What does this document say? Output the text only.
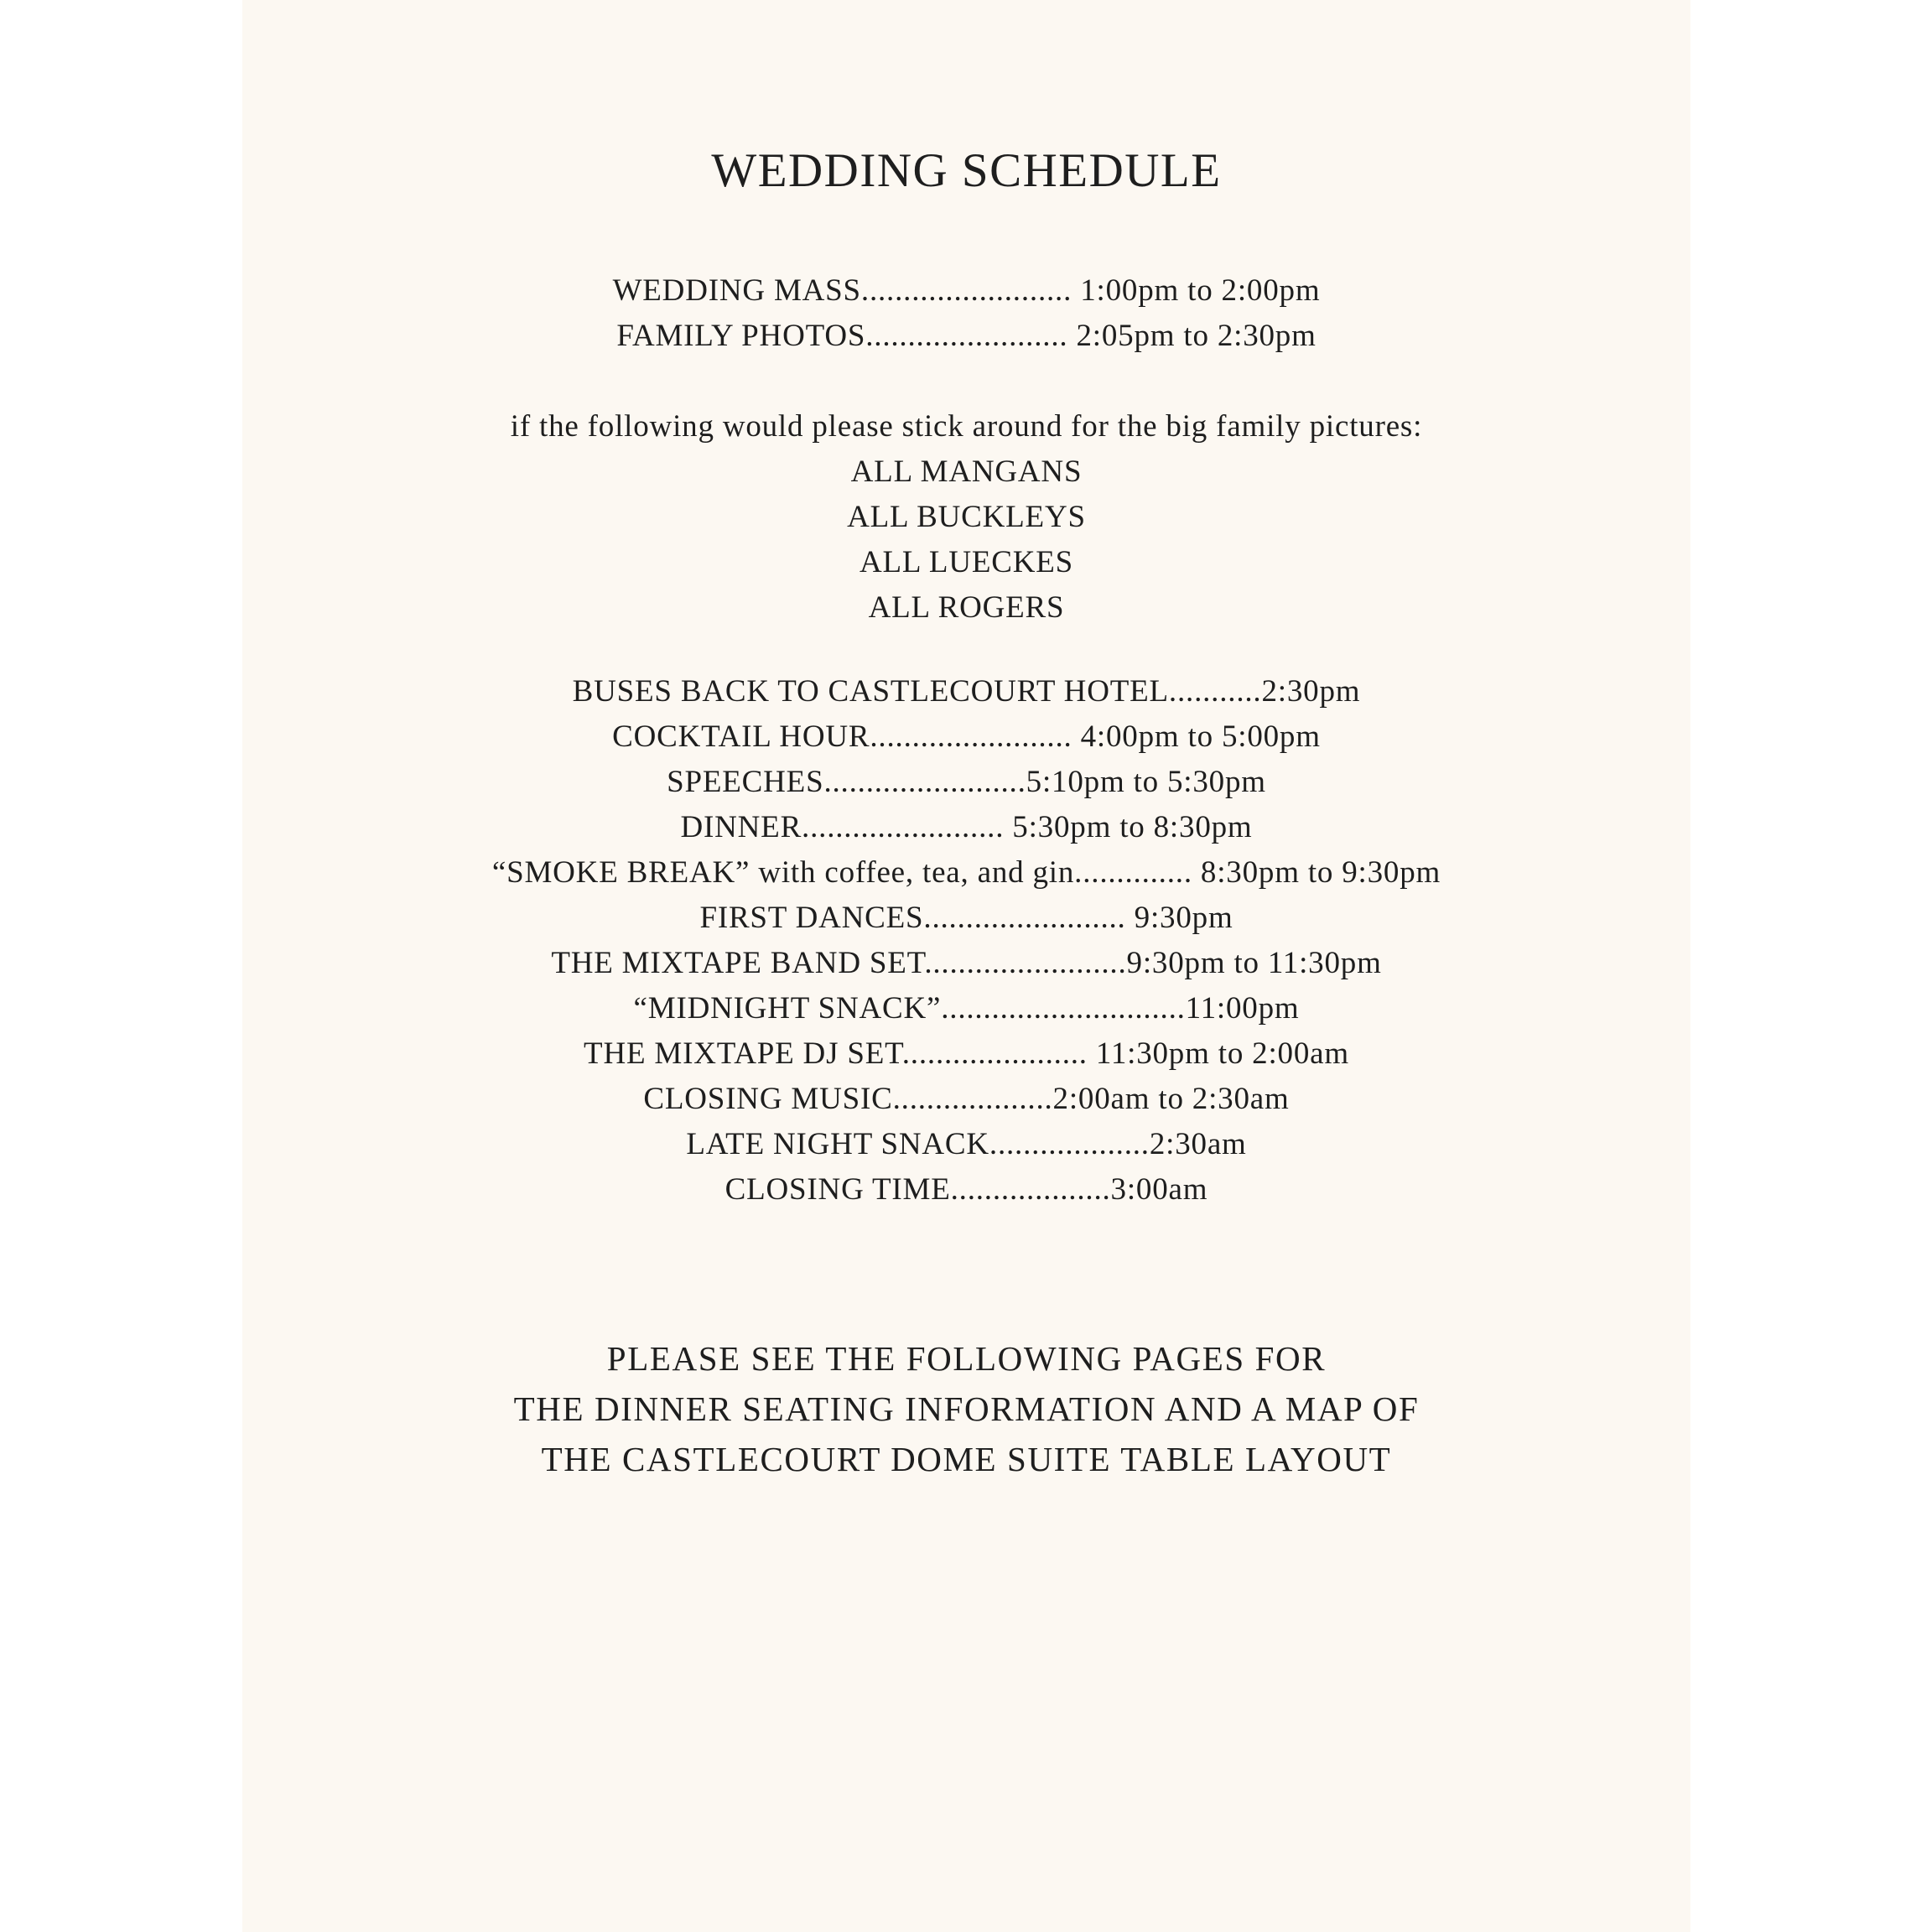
WEDDING SCHEDULE
WEDDING MASS......................... 1:00pm to 2:00pm
FAMILY PHOTOS........................ 2:05pm to 2:30pm
if the following would please stick around for the big family pictures:
ALL MANGANS
ALL BUCKLEYS
ALL LUECKES
ALL ROGERS
BUSES BACK TO CASTLECOURT HOTEL...........2:30pm
COCKTAIL HOUR........................ 4:00pm to 5:00pm
SPEECHES........................5:10pm to 5:30pm
DINNER........................ 5:30pm to 8:30pm
“SMOKE BREAK” with coffee, tea, and gin.............. 8:30pm to 9:30pm
FIRST DANCES........................ 9:30pm
THE MIXTAPE BAND SET........................9:30pm to 11:30pm
“MIDNIGHT SNACK”.............................11:00pm
THE MIXTAPE DJ SET...................... 11:30pm to 2:00am
CLOSING MUSIC...................2:00am to 2:30am
LATE NIGHT SNACK...................2:30am
CLOSING TIME...................3:00am
PLEASE SEE THE FOLLOWING PAGES FOR
THE DINNER SEATING INFORMATION AND A MAP OF
THE CASTLECOURT DOME SUITE TABLE LAYOUT
